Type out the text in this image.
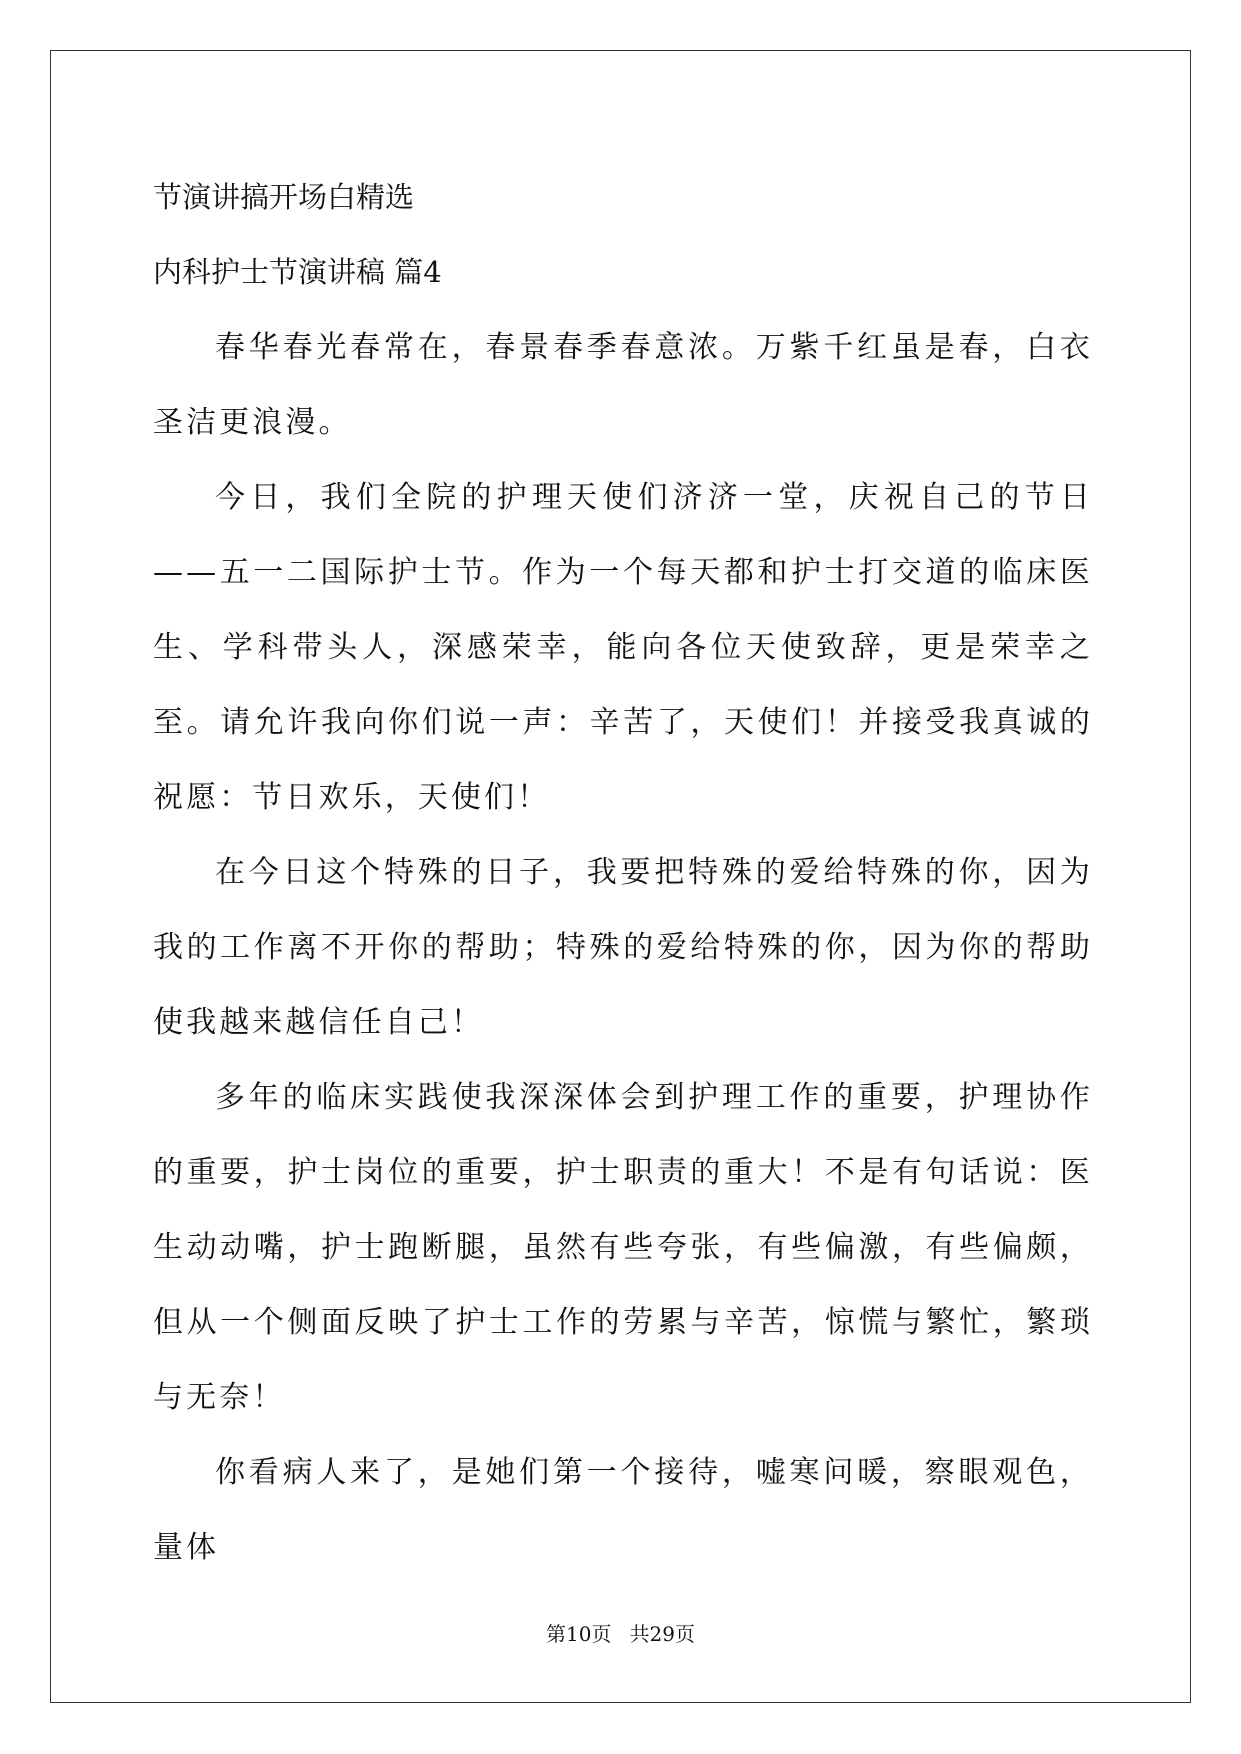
节演讲搞开场白精选
内科护士节演讲稿 篇4
春华春光春常在，春景春季春意浓。万紫千红虽是春，白衣圣洁更浪漫。
今日，我们全院的护理天使们济济一堂，庆祝自己的节日——五一二国际护士节。作为一个每天都和护士打交道的临床医生、学科带头人，深感荣幸，能向各位天使致辞，更是荣幸之至。请允许我向你们说一声：辛苦了，天使们！并接受我真诚的祝愿：节日欢乐，天使们！
在今日这个特殊的日子，我要把特殊的爱给特殊的你，因为我的工作离不开你的帮助；特殊的爱给特殊的你，因为你的帮助使我越来越信任自己！
多年的临床实践使我深深体会到护理工作的重要，护理协作的重要，护士岗位的重要，护士职责的重大！不是有句话说：医生动动嘴，护士跑断腿，虽然有些夸张，有些偏激，有些偏颇，但从一个侧面反映了护士工作的劳累与辛苦，惊慌与繁忙，繁琐与无奈！
你看病人来了，是她们第一个接待，嘘寒问暖，察眼观色，量体
第10页 共29页
